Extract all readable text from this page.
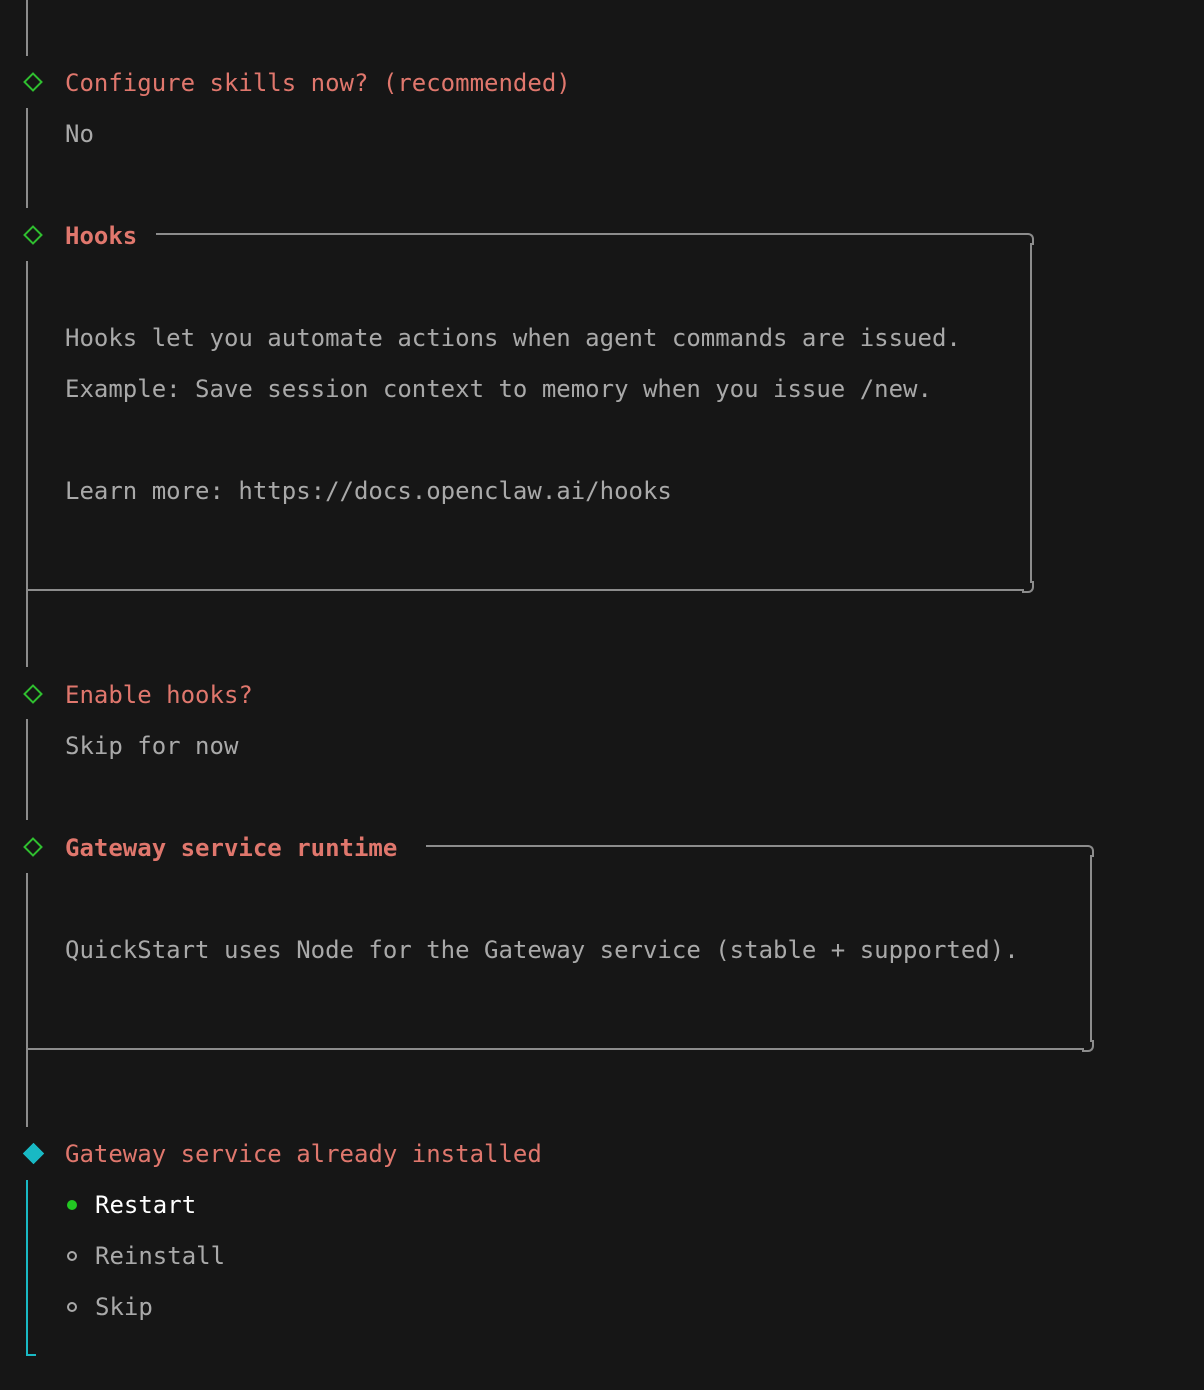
Configure skills now? (recommended)
No
Hooks
Hooks let you automate actions when agent commands are issued.
Example: Save session context to memory when you issue /new.
Learn more: https://docs.openclaw.ai/hooks
Enable hooks?
Skip for now
Gateway service runtime
QuickStart uses Node for the Gateway service (stable + supported).
Gateway service already installed
Restart
Reinstall
Skip
